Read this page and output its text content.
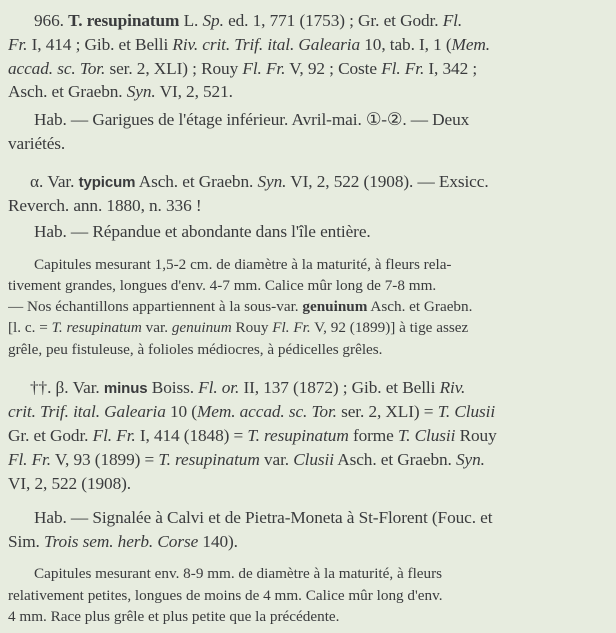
966. T. resupinatum L. Sp. ed. 1, 771 (1753) ; Gr. et Godr. Fl.
Fr. I, 414 ; Gib. et Belli Riv. crit. Trif. ital. Galearia 10, tab. I, 1 (Mem.
accad. sc. Tor. ser. 2, XLI) ; Rouy Fl. Fr. V, 92 ; Coste Fl. Fr. I, 342 ;
Asch. et Graebn. Syn. VI, 2, 521.
Hab. — Garigues de l'étage inférieur. Avril-mai. ①-②. — Deux
variétés.
α. Var. typicum Asch. et Graebn. Syn. VI, 2, 522 (1908). — Exsicc.
Reverch. ann. 1880, n. 336 !
Hab. — Répandue et abondante dans l'île entière.
Capitules mesurant 1,5-2 cm. de diamètre à la maturité, à fleurs rela-
tivement grandes, longues d'env. 4-7 mm. Calice mûr long de 7-8 mm.
— Nos échantillons appartiennent à la sous-var. genuinum Asch. et Graebn.
[l. c. = T. resupinatum var. genuinum Rouy Fl. Fr. V, 92 (1899)] à tige assez
grêle, peu fistuleuse, à folioles médiocres, à pédicelles grêles.
††. β. Var. minus Boiss. Fl. or. II, 137 (1872) ; Gib. et Belli Riv.
crit. Trif. ital. Galearia 10 (Mem. accad. sc. Tor. ser. 2, XLI) = T. Clusii
Gr. et Godr. Fl. Fr. I, 414 (1848) = T. resupinatum forme T. Clusii Rouy
Fl. Fr. V, 93 (1899) = T. resupinatum var. Clusii Asch. et Graebn. Syn.
VI, 2, 522 (1908).
Hab. — Signalée à Calvi et de Pietra-Moneta à St-Florent (Fouc. et
Sim. Trois sem. herb. Corse 140).
Capitules mesurant env. 8-9 mm. de diamètre à la maturité, à fleurs
relativement petites, longues de moins de 4 mm. Calice mûr long d'env.
4 mm. Race plus grêle et plus petite que la précédente.
